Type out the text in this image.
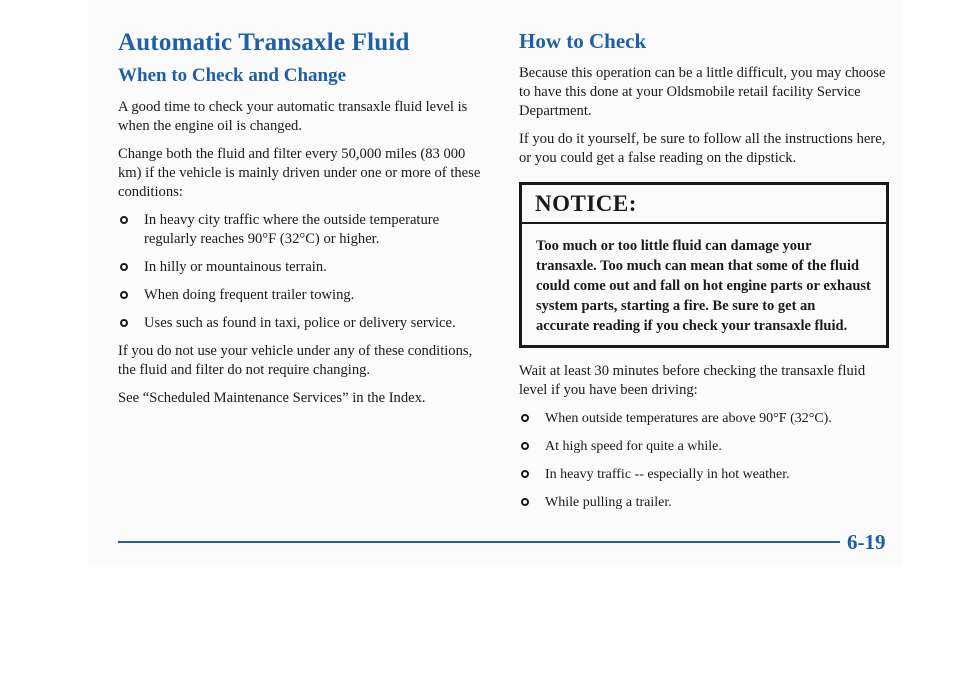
Automatic Transaxle Fluid
When to Check and Change

A good time to check your automatic transaxle fluid level is when the engine oil is changed.

Change both the fluid and filter every 50,000 miles (83 000 km) if the vehicle is mainly driven under one or more of these conditions:

In heavy city traffic where the outside temperature regularly reaches 90°F (32°C) or higher.
In hilly or mountainous terrain.
When doing frequent trailer towing.
Uses such as found in taxi, police or delivery service.

If you do not use your vehicle under any of these conditions, the fluid and filter do not require changing.

See “Scheduled Maintenance Services” in the Index.

How to Check

Because this operation can be a little difficult, you may choose to have this done at your Oldsmobile retail facility Service Department.

If you do it yourself, be sure to follow all the instructions here, or you could get a false reading on the dipstick.

NOTICE:
Too much or too little fluid can damage your transaxle. Too much can mean that some of the fluid could come out and fall on hot engine parts or exhaust system parts, starting a fire. Be sure to get an accurate reading if you check your transaxle fluid.

Wait at least 30 minutes before checking the transaxle fluid level if you have been driving:

When outside temperatures are above 90°F (32°C).
At high speed for quite a while.
In heavy traffic -- especially in hot weather.
While pulling a trailer.
6-19
